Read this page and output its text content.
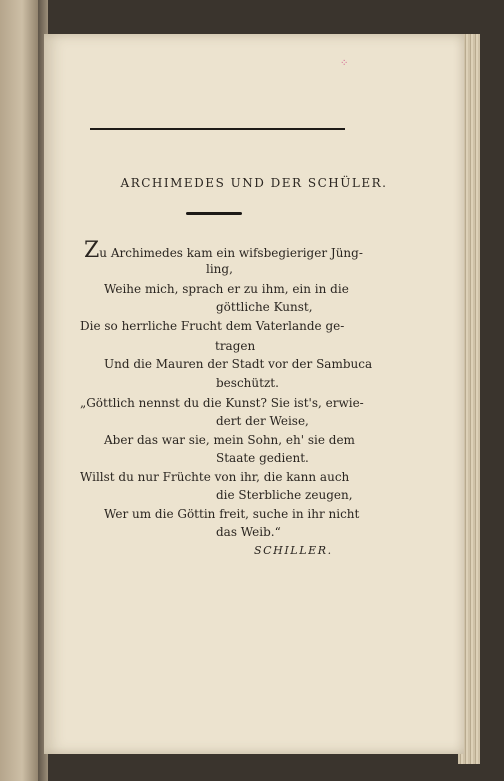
⁘
ARCHIMEDES UND DER SCHÜLER.
Zu Archimedes kam ein wifsbegieriger Jüng-
ling,
Weihe mich, sprach er zu ihm, ein in die
göttliche Kunst,
Die so herrliche Frucht dem Vaterlande ge-
tragen
Und die Mauren der Stadt vor der Sambuca
beschützt.
„Göttlich nennst du die Kunst? Sie ist's, erwie-
dert der Weise,
Aber das war sie, mein Sohn, eh' sie dem
Staate gedient.
Willst du nur Früchte von ihr, die kann auch
die Sterbliche zeugen,
Wer um die Göttin freit, suche in ihr nicht
das Weib.“
SCHILLER.
